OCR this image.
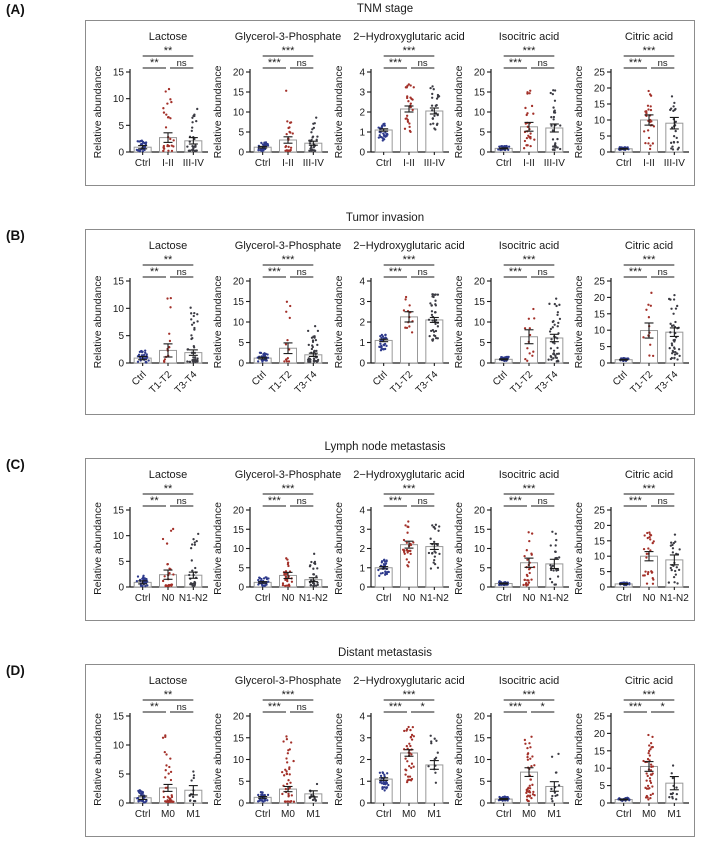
(A)	TNM stage
Lactose
0
5
10
15
Relative abundance
Ctrl I-II III-IV
**
** ns
Glycerol-3-Phosphate
0
5
10
15
20
Relative abundance
Ctrl I-II III-IV
***
*** ns
2−Hydroxyglutaric acid
0
1
2
3
4
Relative abundance
Ctrl I-II III-IV
***
*** ns
Isocitric acid
0
5
10
15
20
Relative abundance
Ctrl I-II III-IV
***
*** ns
Citric acid
0
5
10
15
20
25
Relative abundance
Ctrl I-II III-IV
***
*** ns
(B)
Tumor invasion
Lactose
0
5
10
15
Relative abundance
Ctrl
T1-T2
T3-T4
**
** ns
Glycerol-3-Phosphate
0
5
10
15
20
Relative abundance
Ctrl
T1-T2
T3-T4
***
*** ns
2−Hydroxyglutaric acid
0
1
2
3
4
Relative abundance
Ctrl
T1-T2
T3-T4
***
*** ns
Isocitric acid
0
5
10
15
20
Relative abundance
Ctrl
T1-T2
T3-T4
***
*** ns
Citric acid
0
5
10
15
20
25
Relative abundance
Ctrl
T1-T2
T3-T4
***
*** ns
(C)
Lymph node metastasis
Lactose
0
5
10
15
Relative abundance
Ctrl N0 N1-N2
**
** ns
Glycerol-3-Phosphate
0
5
10
15
20
Relative abundance
Ctrl N0 N1-N2
***
*** ns
2−Hydroxyglutaric acid
0
1
2
3
4
Relative abundance
Ctrl N0 N1-N2
***
*** ns
Isocitric acid
0
5
10
15
20
Relative abundance
Ctrl N0 N1-N2
***
*** ns
Citric acid
0
5
10
15
20
25
Relative abundance
Ctrl N0 N1-N2
***
*** ns
(D)
Distant metastasis
Lactose
0
5
10
15
Relative abundance
Ctrl M0 M1
**
** ns
Glycerol-3-Phosphate
0
5
10
15
20
Relative abundance
Ctrl M0 M1
***
*** ns
2−Hydroxyglutaric acid
0
1
2
3
4
Relative abundance
Ctrl M0 M1
***
*** *
Isocitric acid
0
5
10
15
20
Relative abundance
Ctrl M0 M1
***
*** *
Citric acid
0
5
10
15
20
25
Relative abundance
Ctrl M0 M1
***
*** *
